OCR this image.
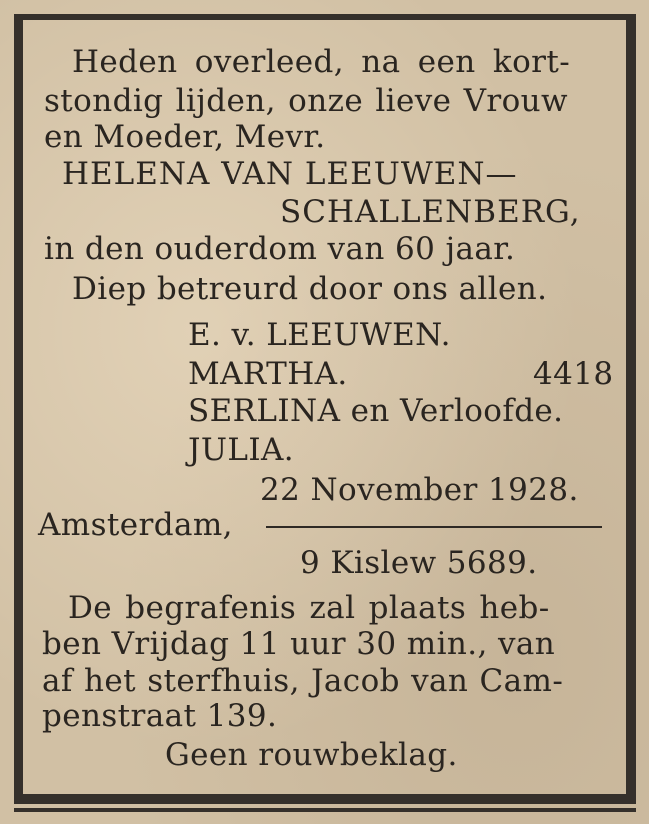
Heden overleed, na een kort-
stondig lijden, onze lieve Vrouw
en Moeder, Mevr.
HELENA VAN LEEUWEN—
SCHALLENBERG,
in den ouderdom van 60 jaar.
Diep betreurd door ons allen.
E. v. LEEUWEN.
MARTHA.	4418
SERLINA en Verloofde.
JULIA.
22 November 1928.
Amsterdam,
9 Kislew 5689.
De begrafenis zal plaats heb-
ben Vrijdag 11 uur 30 min., van
af het sterfhuis, Jacob van Cam-
penstraat 139.
Geen rouwbeklag.
